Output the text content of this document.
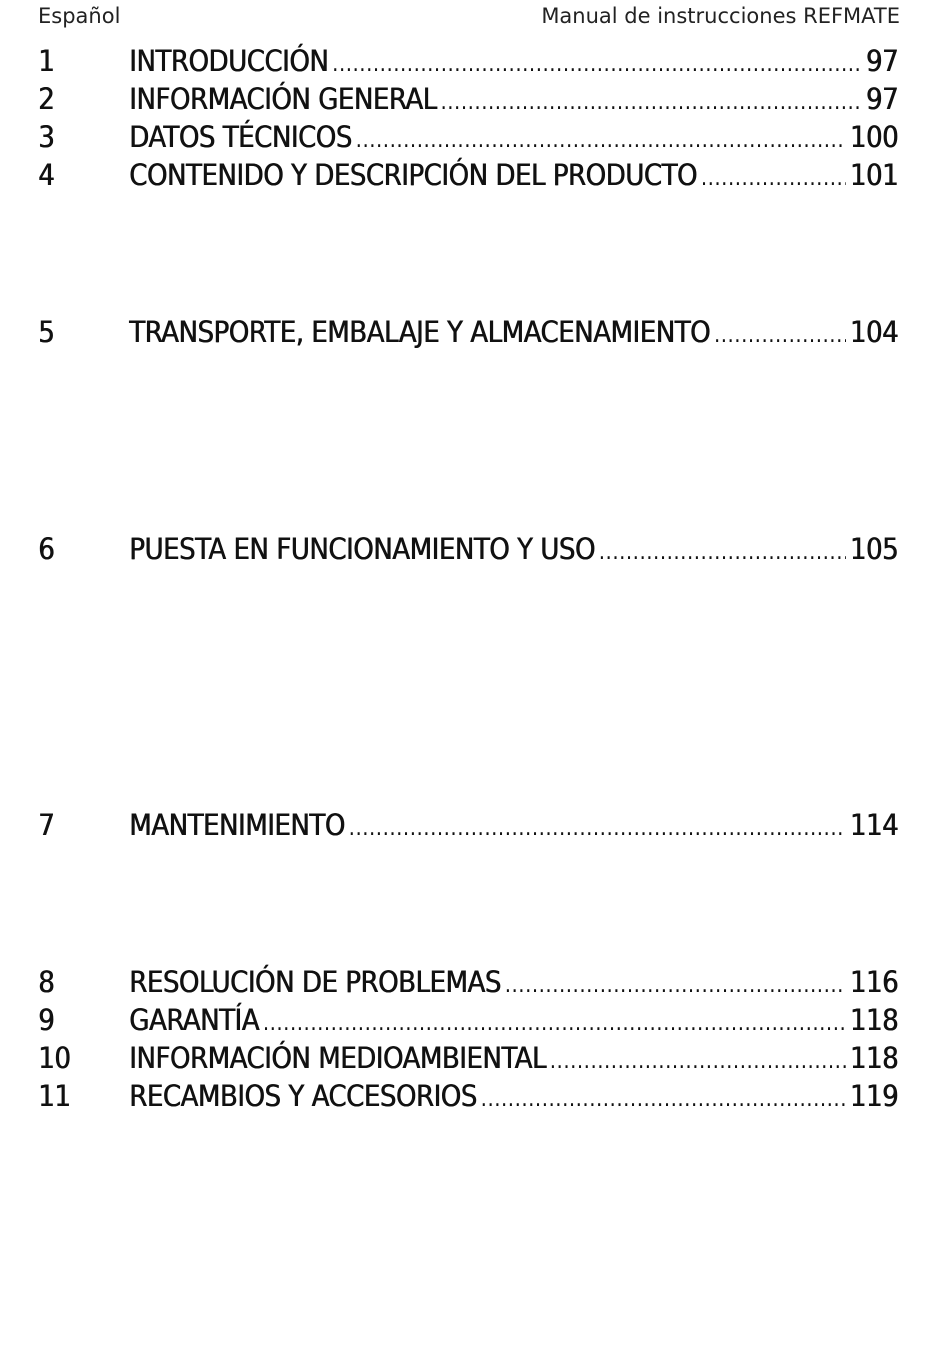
Español	Manual de instrucciones REFMATE
1	INTRODUCCIÓN .....	97
2	INFORMACIÓN GENERAL .....	97
3	DATOS TÉCNICOS .....	100
4	CONTENIDO Y DESCRIPCIÓN DEL PRODUCTO .....	101
5	TRANSPORTE, EMBALAJE Y ALMACENAMIENTO .....	104
6	PUESTA EN FUNCIONAMIENTO Y USO .....	105
7	MANTENIMIENTO .....	114
8	RESOLUCIÓN DE PROBLEMAS .....	116
9	GARANTÍA .....	118
10	INFORMACIÓN MEDIOAMBIENTAL .....	118
11	RECAMBIOS Y ACCESORIOS .....	119
